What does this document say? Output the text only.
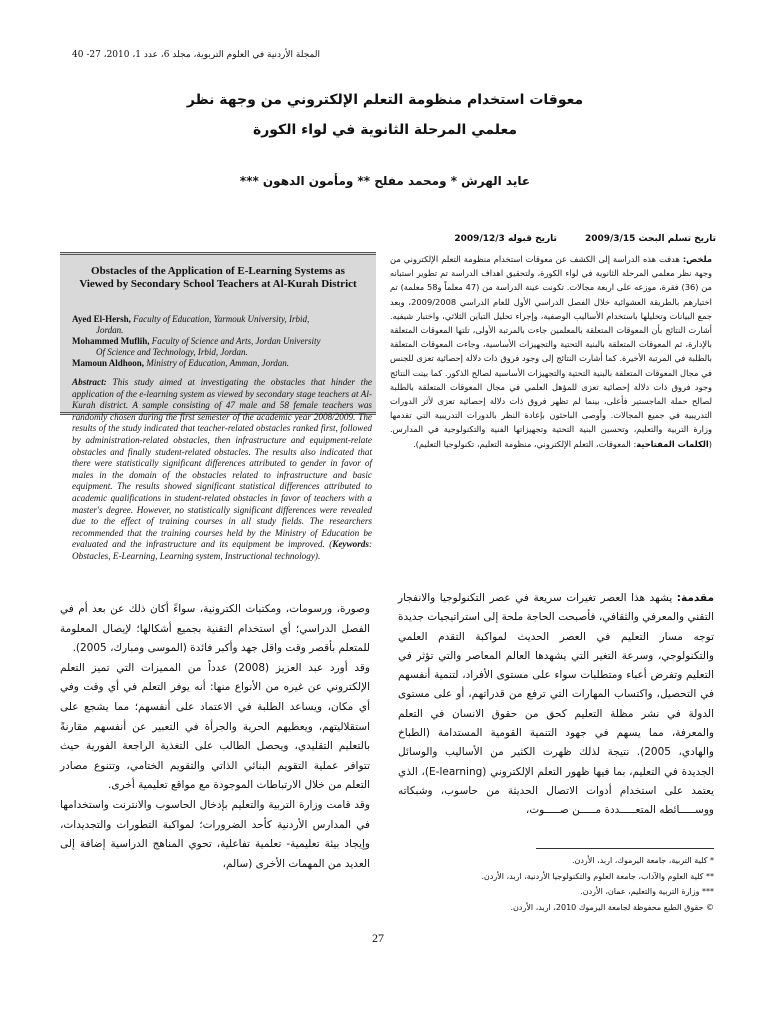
المجلة الأردنية في العلوم التربوية، مجلد 6، عدد 1، 2010، 27- 40
معوقات استخدام منظومة التعلم الإلكتروني من وجهة نظر
معلمي المرحلة الثانوية في لواء الكورة
عايد الهرش * ومحمد مفلح ** ومأمون الدهون ***
تاريخ تسلم البحث 2009/3/15
تاريخ قبوله 2009/12/3
Obstacles of the Application of E-Learning Systems as Viewed by Secondary School Teachers at Al-Kurah District
Ayed El-Hersh, Faculty of Education, Yarmouk University, Irbid,
Jordan.
Mohammed Muflih, Faculty of Science and Arts, Jordan University
Of Science and Technology, Irbid, Jordan.
Mamoun Aldhoon, Ministry of Education, Amman, Jordan.
Abstract: This study aimed at investigating the obstacles that hinder the application of the e-learning system as viewed by secondary stage teachers at Al-Kurah district. A sample consisting of 47 male and 58 female teachers was randomly chosen during the first semester of the academic year 2008/2009. The results of the study indicated that teacher-related obstacles ranked first, followed by administration-related obstacles, then infrastructure and equipment-relate obstacles and finally student-related obstacles. The results also indicated that there were statistically significant differences attributed to gender in favor of males in the domain of the obstacles related to infrastructure and basic equipment. The results showed significant statistical differences attributed to academic qualifications in student-related obstacles in favor of teachers with a master's degree. However, no statistically significant differences were revealed due to the effect of training courses in all study fields. The researchers recommended that the training courses held by the Ministry of Education be evaluated and the infrastructure and its equipment be improved. (Keywords: Obstacles, E-Learning, Learning system, Instructional technology).
ملخص: هدفت هذه الدراسة إلى الكشف عن معوقات استخدام منظومة التعلم الإلكتروني من وجهة نظر معلمي المرحلة الثانوية في لواء الكورة، ولتحقيق اهداف الدراسة تم تطوير استبانه من (36) فقرة، موزعه على اربعة مجالات. تكونت عينة الدراسة من (47 معلماً و58 معلمة) تم اختيارهم بالطريقة العشوائية خلال الفصل الدراسي الأول للعام الدراسي 2009/2008، وبعد جمع البيانات وتحليلها باستخدام الأساليب الوصفية، وإجراء تحليل التباين الثلاثي، واختبار شيفيه. أشارت النتائج بأن المعوقات المتعلقة بالمعلمين جاءت بالمرتبة الأولى، تلتها المعوقات المتعلقة بالإدارة، ثم المعوقات المتعلقة بالبنية التحتية والتجهيزات الأساسية، وجاءت المعوقات المتعلقة بالطلبة في المرتبة الأخيرة. كما أشارت النتائج إلى وجود فروق ذات دلالة إحصائية تعزى للجنس في مجال المعوقات المتعلقة بالبنية التحتية والتجهيزات الأساسية لصالح الذكور. كما بينت النتائج وجود فروق ذات دلالة إحصائية تعزى للمؤهل العلمي في مجال المعوقات المتعلقة بالطلبة لصالح حملة الماجستير فأعلى، بينما لم تظهر فروق ذات دلالة إحصائية تعزى لأثر الدورات التدريبية في جميع المجالات. وأوصى الباحثون بإعادة النظر بالدورات التدريبية التي تقدمها وزارة التربية والتعليم، وتحسين البنية التحتية وتجهيزاتها الفنية والتكنولوجية في المدارس. (الكلمات المفتاحية: المعوقات، التعلم الإلكتروني، منظومة التعليم، تكنولوجيا التعليم).
مقدمة: يشهد هذا العصر تغيرات سريعة في عصر التكنولوجيا والانفجار التقني والمعرفي والثقافي، فأصبحت الحاجة ملحة إلى استراتيجيات جديدة توجه مسار التعليم في العصر الحديث لمواكبة التقدم العلمي والتكنولوجي، وسرعة التغير التي يشهدها العالم المعاصر والتي تؤثر في التعليم وتفرض أعباء ومتطلبات سواء على مستوى الأفراد، لتنمية أنفسهم في التحصيل، واكتساب المهارات التي ترفع من قدراتهم، أو على مستوى الدولة في نشر مظلة التعليم كحق من حقوق الانسان في التعلم والمعرفة، مما يسهم في جهود التنمية القومية المستدامة (الطباخ والهادي، 2005). نتيجة لذلك ظهرت الكثير من الأساليب والوسائل الجديدة في التعليم، بما فيها ظهور التعلم الإلكتروني (E-learning)، الذي يعتمد على استخدام أدوات الاتصال الحديثة من حاسوب، وشبكاته ووســـــائطه المتعـــــددة مـــــن صـــــوت،

وصورة، ورسومات، ومكتبات الكترونية، سواءً أكان ذلك عن بعد أم في الفصل الدراسي؛ أي استخدام التقنية بجميع أشكالها؛ لإيصال المعلومة للمتعلم بأقصر وقت واقل جهد وأكبر فائدة (الموسى ومبارك، 2005).

وقد أورد عبد العزيز (2008) عدداً من المميزات التي تميز التعلم الإلكتروني عن غيره من الأنواع منها: أنه يوفر التعلم في أي وقت وفي أي مكان، ويساعد الطلبة في الاعتماد على أنفسهم؛ مما يشجع على استقلاليتهم، ويعطيهم الحرية والجرأة في التعبير عن أنفسهم مقارنةً بالتعليم التقليدي، ويحصل الطالب على التغذية الراجعة الفورية حيث تتوافر عملية التقويم البنائي الذاتي والتقويم الختامي، وتتنوع مصادر التعلم من خلال الارتباطات الموجودة مع مواقع تعليمية أخرى.

وقد قامت وزارة التربية والتعليم بإدخال الحاسوب والانترنت واستخدامها في المدارس الأردنية كأحد الضرورات؛ لمواكبة التطورات والتجديدات، وإيجاد بيئة تعليمية- تعلمية تفاعلية، تحوي المناهج الدراسية إضافة إلى العديد من المهمات الأخرى (سالم،	* كلية التربية، جامعة اليرموك، اربد، الأردن.
** كلية العلوم والآداب، جامعة العلوم والتكنولوجيا الأردنية، اربد، الأردن.
*** وزارة التربية والتعليم، عمان، الأردن.
© حقوق الطبع محفوظة لجامعة اليرموك 2010، اربد، الأردن.
27
